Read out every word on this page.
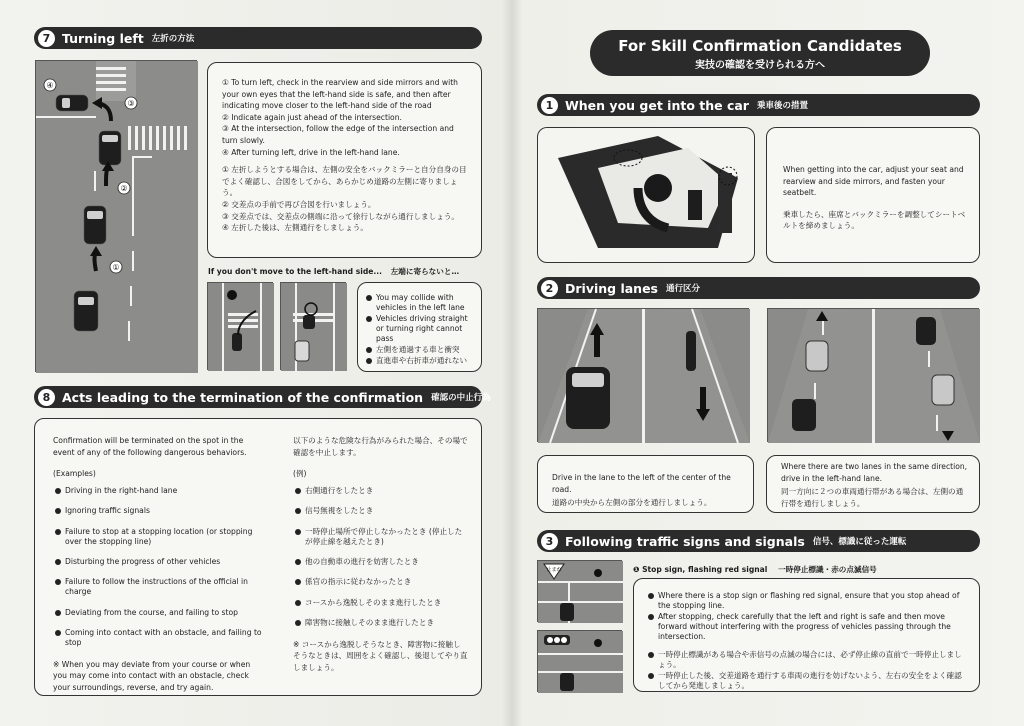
7 Turning left 左折の方法
①
②
③
④	① To turn left, check in the rearview and side mirrors and with your own eyes that the left-hand side is safe, and then after indicating move closer to the left-hand side of the road

② Indicate again just ahead of the intersection.

③ At the intersection, follow the edge of the intersection and turn slowly.

④ After turning left, drive in the left-hand lane.

① 左折しようとする場合は、左側の安全をバックミラーと自分自身の目でよく確認し、合図をしてから、あらかじめ道路の左側に寄りましょう。

② 交差点の手前で再び合図を行いましょう。

③ 交差点では、交差点の側端に沿って徐行しながら通行しましょう。

④ 左折した後は、左側通行をしましょう。

If you don't move to the left-hand side... 左端に寄らないと…
You may collide with vehicles in the left lane
Vehicles driving straight or turning right cannot pass
左側を通過する車と衝突
直進車や右折車が通れない
8 Acts leading to the termination of the confirmation 確認の中止行為

Confirmation will be terminated on the spot in the event of any of the following dangerous behaviors.

(Examples)

Driving in the right-hand lane
Ignoring traffic signals
Failure to stop at a stopping location (or stopping over the stopping line)
Disturbing the progress of other vehicles
Failure to follow the instructions of the official in charge
Deviating from the course, and failing to stop
Coming into contact with an obstacle, and failing to stop

※ When you may deviate from your course or when you may come into contact with an obstacle, check your surroundings, reverse, and try again.

以下のような危険な行為がみられた場合、その場で確認を中止します。

(例)

右側通行をしたとき
信号無視をしたとき
一時停止場所で停止しなかったとき (停止したが停止線を越えたとき)
他の自動車の進行を妨害したとき
係官の指示に従わなかったとき
コースから逸脱しそのまま進行したとき
障害物に接触しそのまま進行したとき

※ コースから逸脱しそうなとき、障害物に接触しそうなときは、周囲をよく確認し、後退してやり直しましょう。

For Skill Confirmation Candidates
実技の確認を受けられる方へ
1 When you get into the car 乗車後の措置

When getting into the car, adjust your seat and rearview and side mirrors, and fasten your seatbelt.

乗車したら、座席とバックミラーを調整してシートベルトを締めましょう。

2 Driving lanes 通行区分

Drive in the lane to the left of the center of the road.

道路の中央から左側の部分を通行しましょう。

Where there are two lanes in the same direction, drive in the left-hand lane.

同一方向に２つの車両通行帯がある場合は、左側の通行帯を通行しましょう。

3 Following traffic signs and signals 信号、標識に従った運転
止まれ	❶ Stop sign, flashing red signal 一時停止標識・赤の点滅信号
Where there is a stop sign or flashing red signal, ensure that you stop ahead of the stopping line.
After stopping, check carefully that the left and right is safe and then move forward without interfering with the progress of vehicles passing through the intersection.
一時停止標識がある場合や赤信号の点滅の場合には、必ず停止線の直前で一時停止しましょう。
一時停止した後、交差道路を通行する車両の進行を妨げないよう、左右の安全をよく確認してから発進しましょう。
